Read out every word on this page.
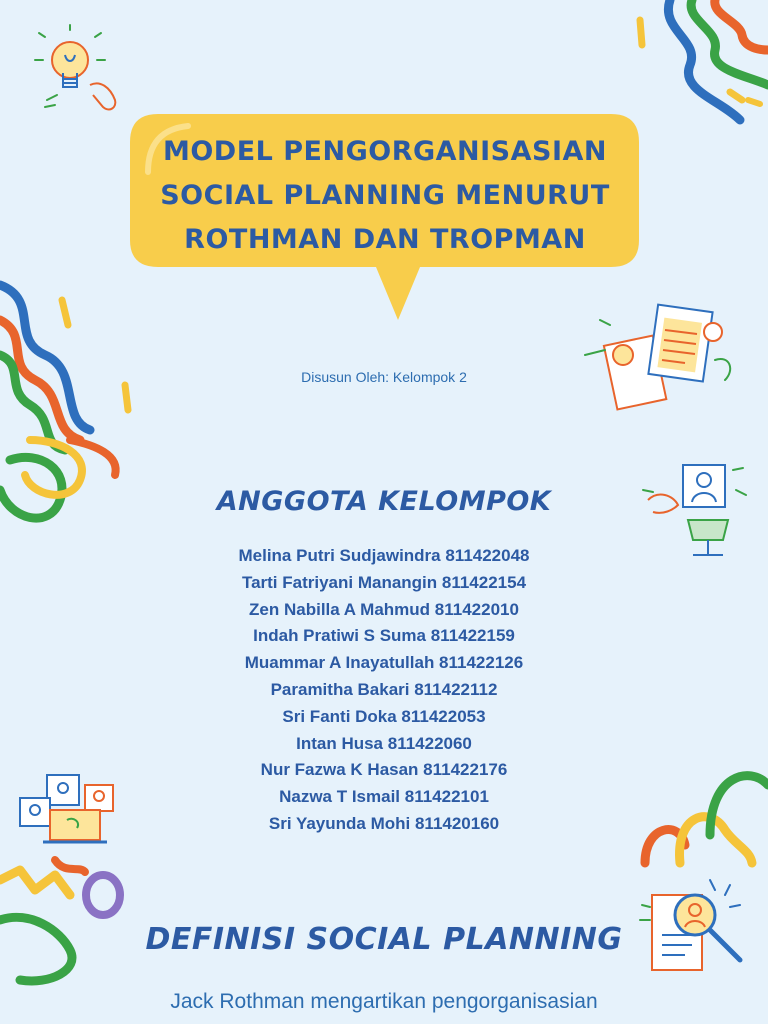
MODEL PENGORGANISASIAN
SOCIAL PLANNING MENURUT
ROTHMAN DAN TROPMAN
Disusun Oleh: Kelompok 2
ANGGOTA KELOMPOK
Melina Putri Sudjawindra 811422048
Tarti Fatriyani Manangin 811422154
Zen Nabilla A Mahmud 811422010
Indah Pratiwi S Suma 811422159
Muammar A Inayatullah 811422126
Paramitha Bakari 811422112
Sri Fanti Doka 811422053
Intan Husa 811422060
Nur Fazwa K Hasan 811422176
Nazwa T Ismail 811422101
Sri Yayunda Mohi 811420160
DEFINISI SOCIAL PLANNING
Jack Rothman mengartikan pengorganisasian
